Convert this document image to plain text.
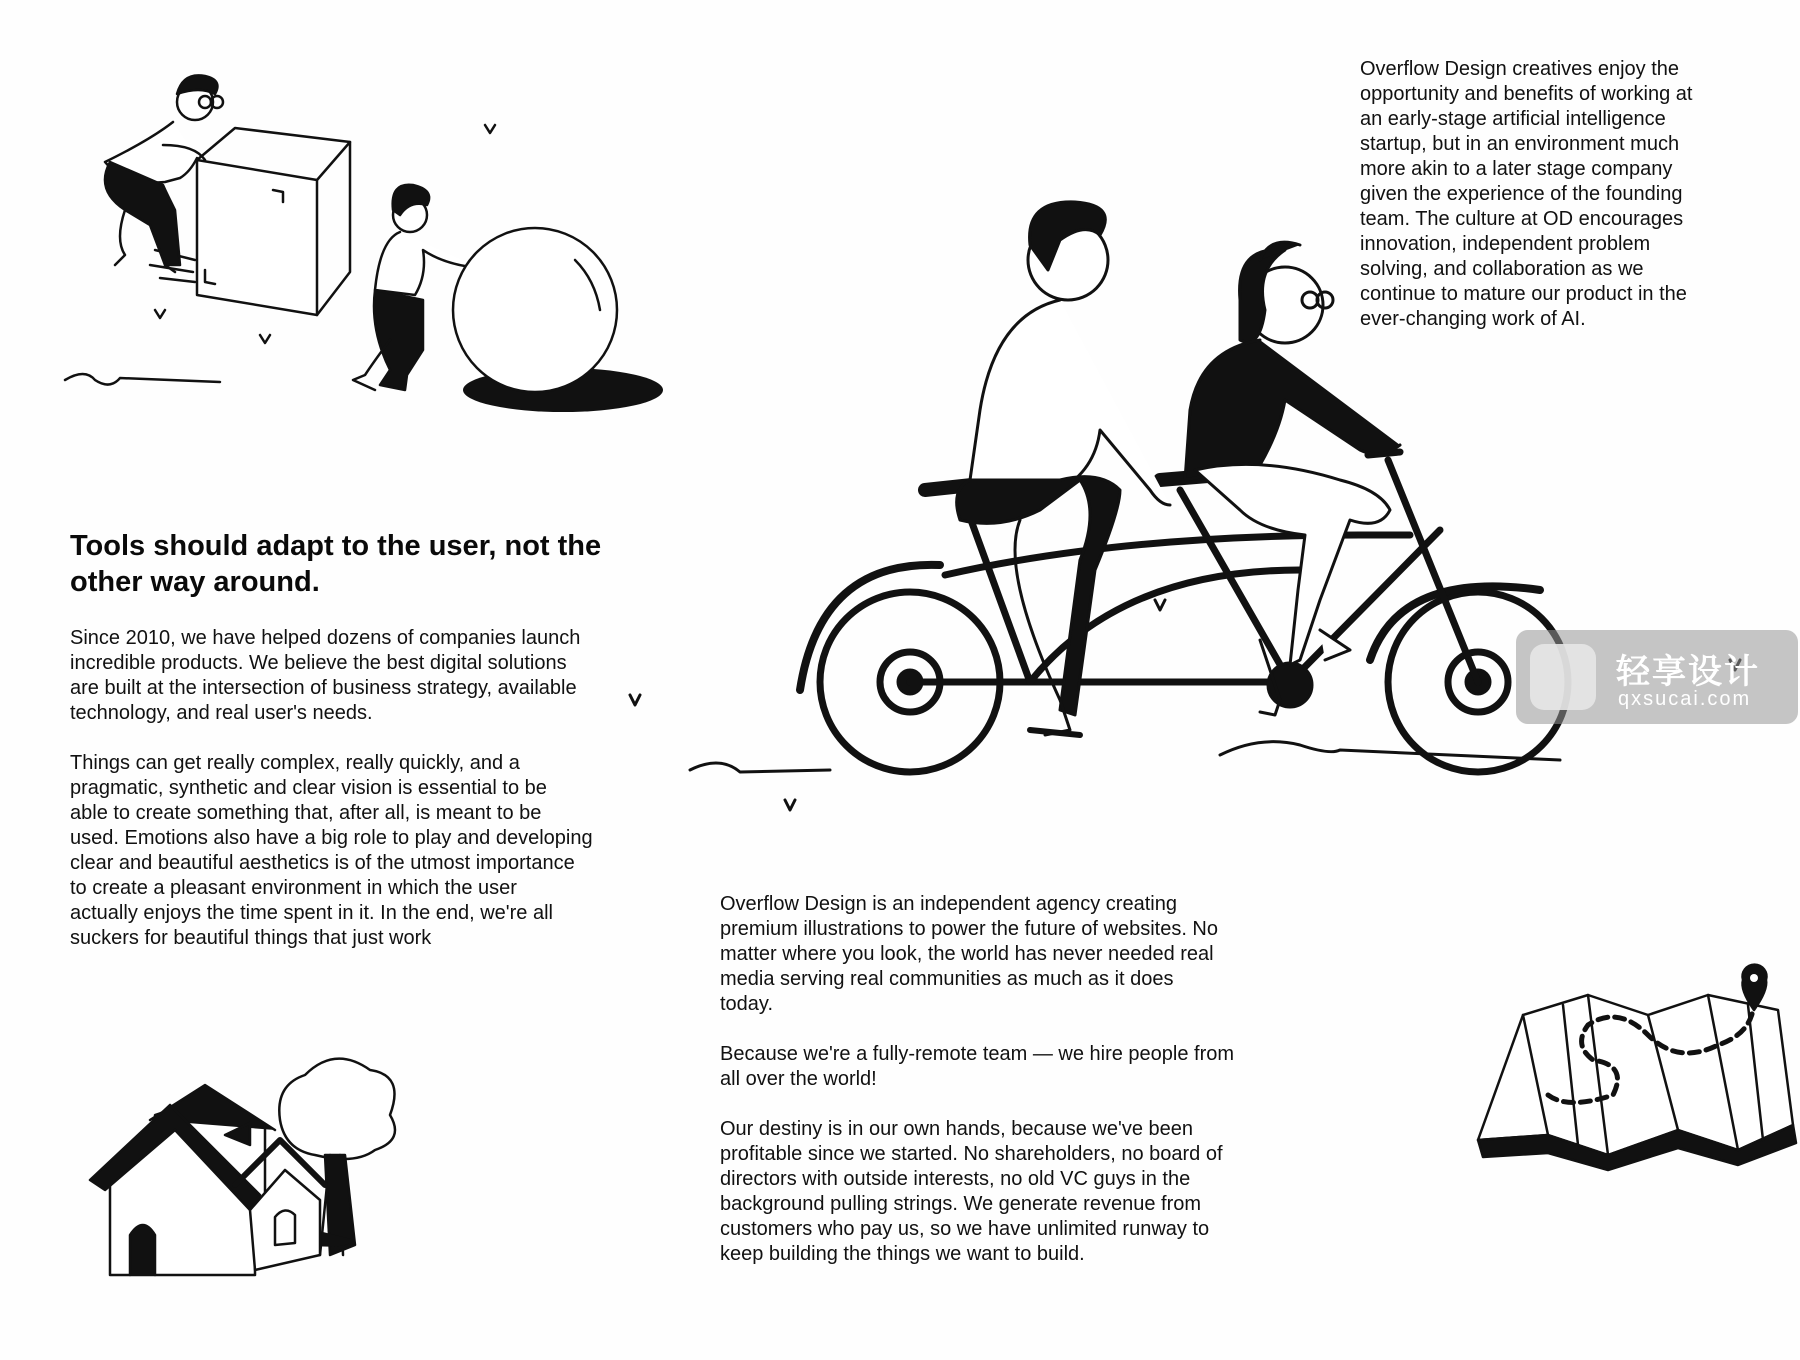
Tools should adapt to the user, not the
other way around.

Since 2010, we have helped dozens of companies launch
incredible products. We believe the best digital solutions
are built at the intersection of business strategy, available
technology, and real user's needs.

Things can get really complex, really quickly, and a
pragmatic, synthetic and clear vision is essential to be
able to create something that, after all, is meant to be
used. Emotions also have a big role to play and developing
clear and beautiful aesthetics is of the utmost importance
to create a pleasant environment in which the user
actually enjoys the time spent in it. In the end, we're all
suckers for beautiful things that just work

Overflow Design creatives enjoy the
opportunity and benefits of working at
an early-stage artificial intelligence
startup, but in an environment much
more akin to a later stage company
given the experience of the founding
team. The culture at OD encourages
innovation, independent problem
solving, and collaboration as we
continue to mature our product in the
ever-changing work of AI.

Overflow Design is an independent agency creating
premium illustrations to power the future of websites. No
matter where you look, the world has never needed real
media serving real communities as much as it does
today.

Because we're a fully-remote team — we hire people from
all over the world!

Our destiny is in our own hands, because we've been
profitable since we started. No shareholders, no board of
directors with outside interests, no old VC guys in the
background pulling strings. We generate revenue from
customers who pay us, so we have unlimited runway to
keep building the things we want to build.

轻享设计
qxsucai.com
